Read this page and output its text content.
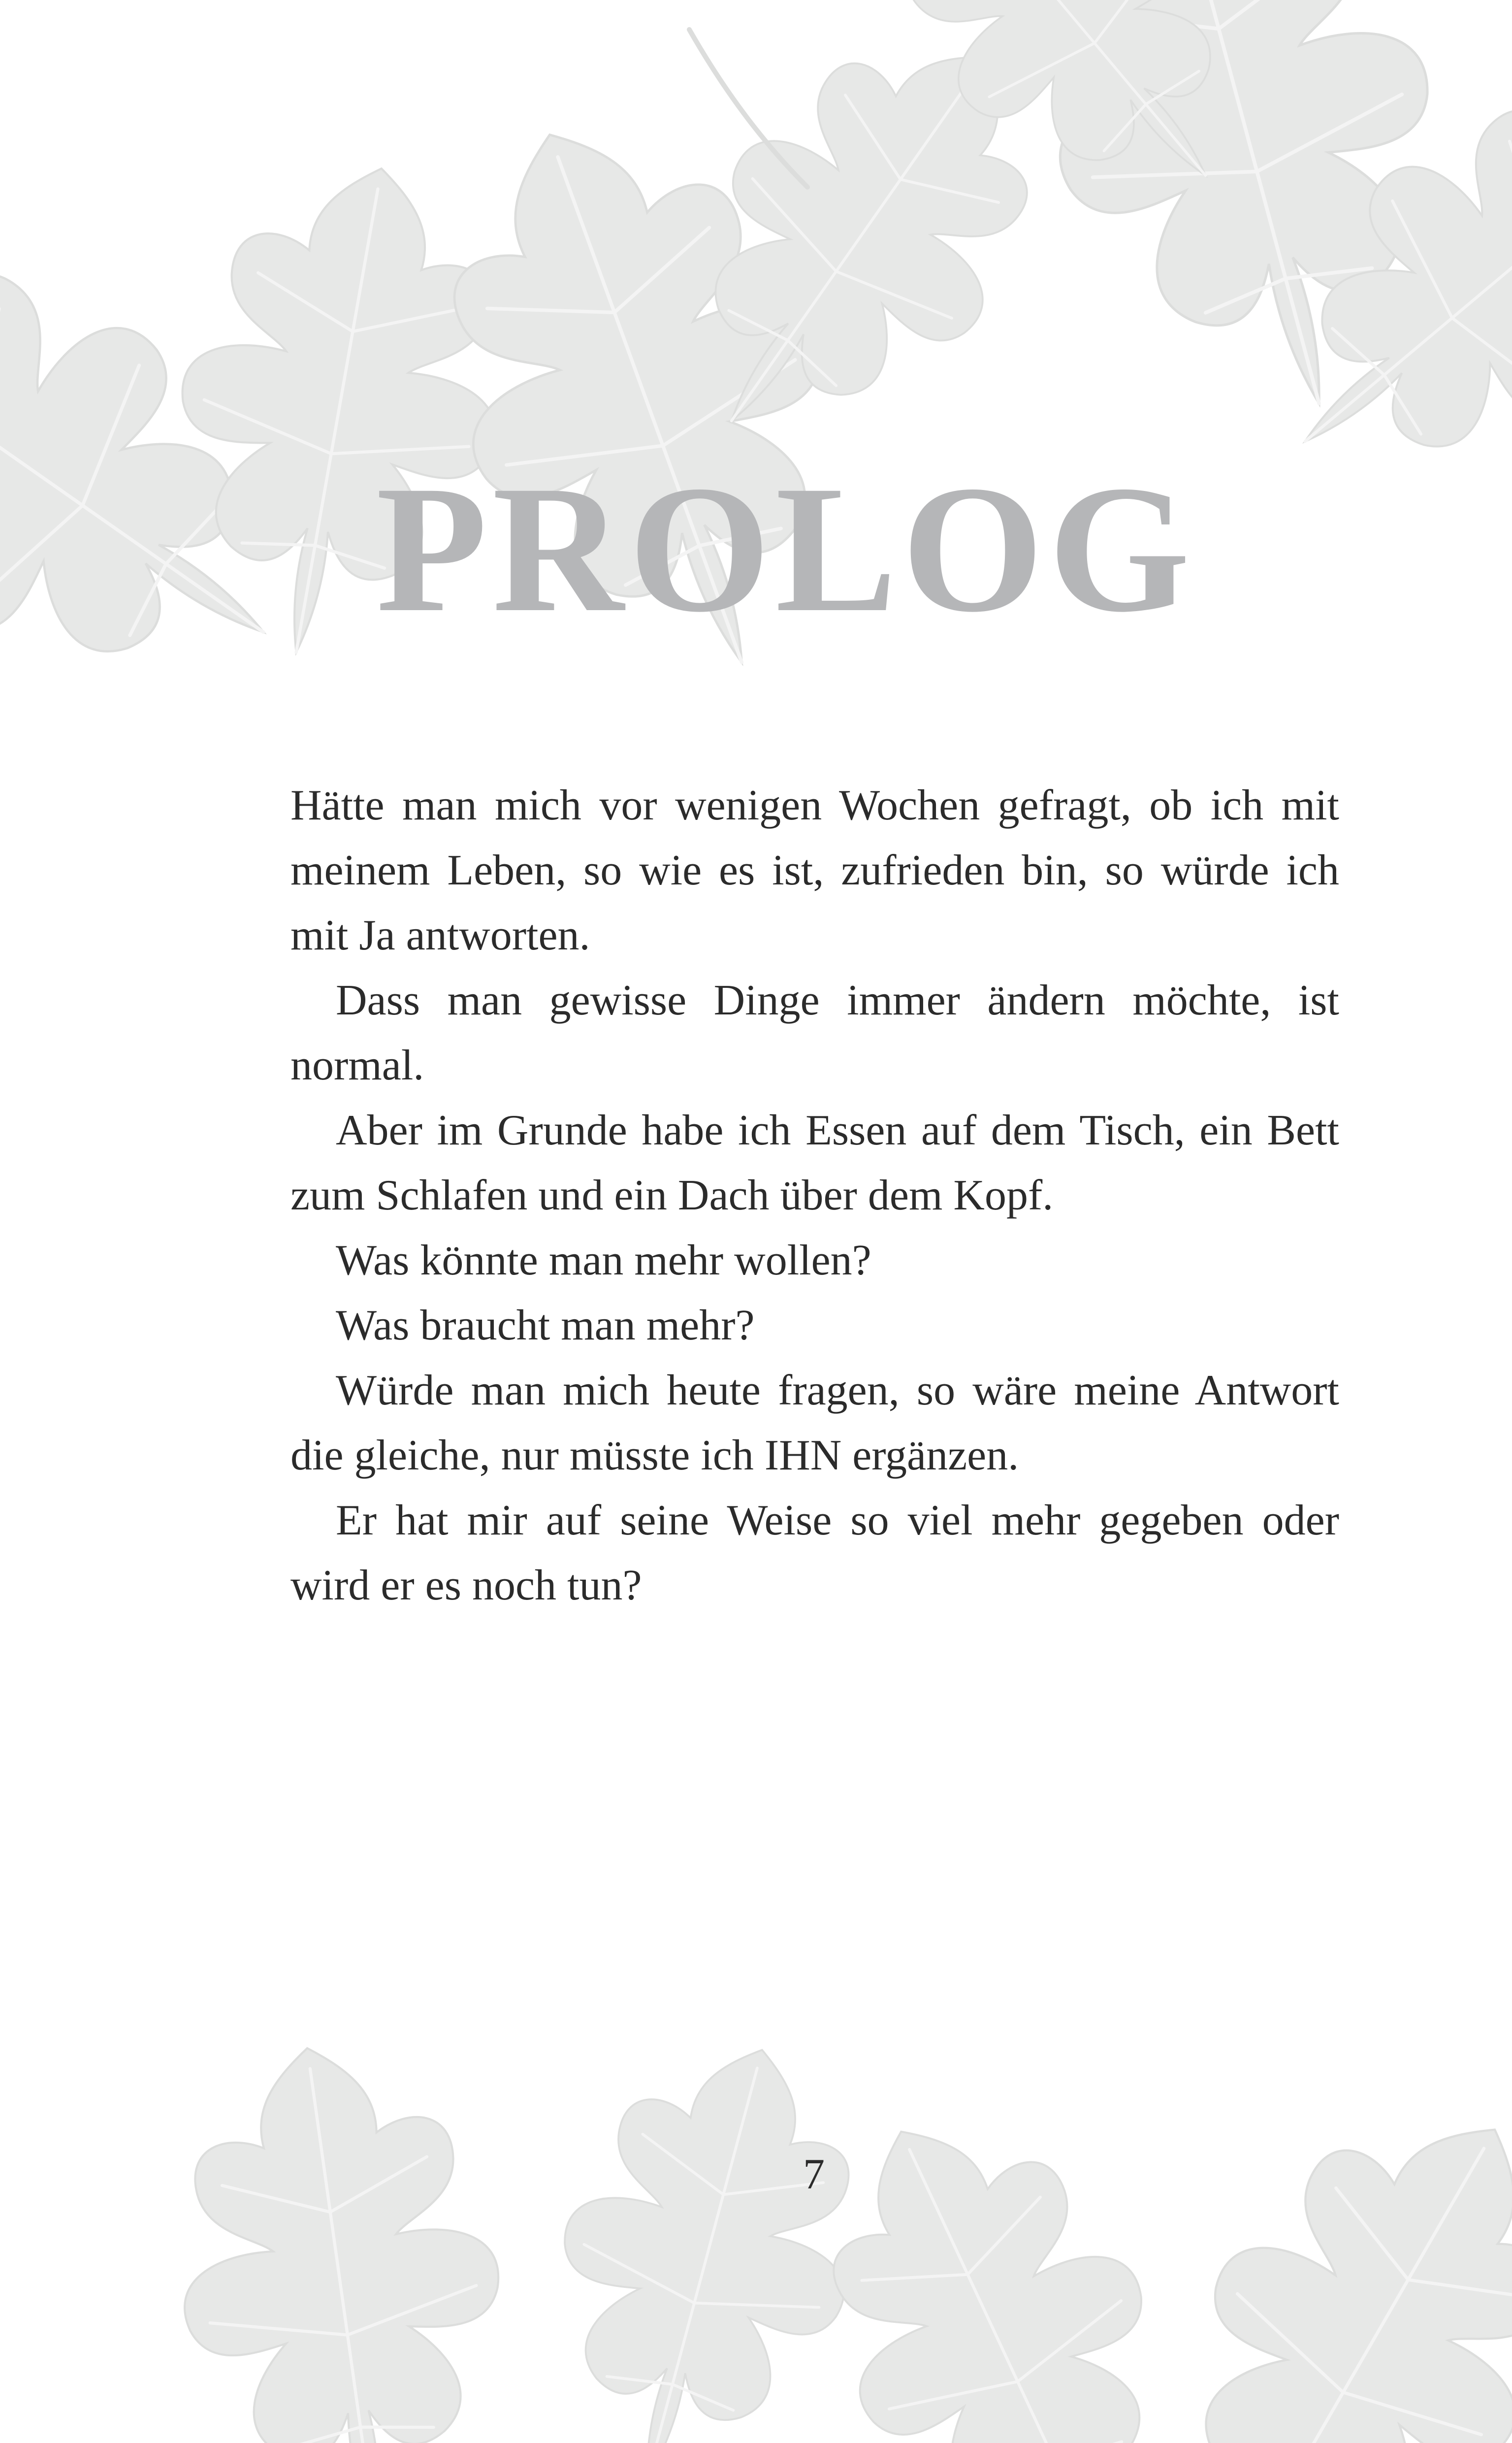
PROLOG

Hätte man mich vor wenigen Wochen gefragt, ob ich mit meinem Leben, so wie es ist, zufrieden bin, so würde ich mit Ja antworten.

Dass man gewisse Dinge immer ändern möchte, ist normal.

Aber im Grunde habe ich Essen auf dem Tisch, ein Bett zum Schlafen und ein Dach über dem Kopf.

Was könnte man mehr wollen?

Was braucht man mehr?

Würde man mich heute fragen, so wäre meine Antwort die gleiche, nur müsste ich IHN ergänzen.

Er hat mir auf seine Weise so viel mehr gegeben oder wird er es noch tun?

7
